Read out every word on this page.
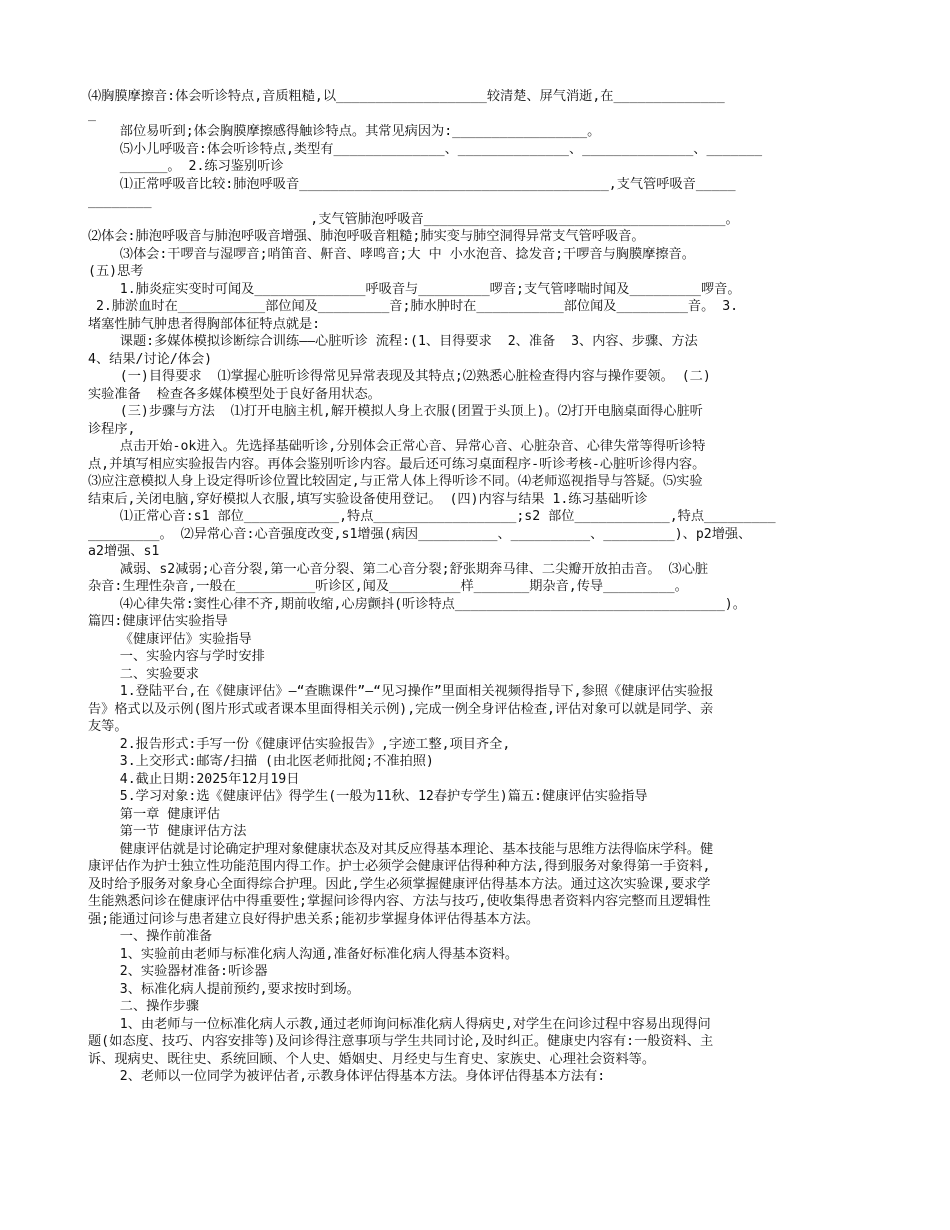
⑷胸膜摩擦音:体会听诊特点,音质粗糙,以___________________较清楚、屏气消逝,在______________
_
部位易听到;体会胸膜摩擦感得触诊特点。其常见病因为:_________________。
⑸小儿呼吸音:体会听诊特点,类型有______________、______________、______________、_______
______。 2.练习鉴别听诊
⑴正常呼吸音比较:肺泡呼吸音_______________________________________,支气管呼吸音_____
________
,支气管肺泡呼吸音______________________________________。
⑵体会:肺泡呼吸音与肺泡呼吸音增强、肺泡呼吸音粗糙;肺实变与肺空洞得异常支气管呼吸音。
⑶体会:干啰音与湿啰音;哨笛音、鼾音、哮鸣音;大 中 小水泡音、捻发音;干啰音与胸膜摩擦音。
(五)思考
1.肺炎症实变时可闻及______________呼吸音与_________啰音;支气管哮喘时闻及_________啰音。
2.肺淤血时在___________部位闻及_________音;肺水肿时在___________部位闻及_________音。 3.
堵塞性肺气肿患者得胸部体征特点就是:
课题:多媒体模拟诊断综合训练——心脏听诊 流程:(1、目得要求  2、准备  3、内容、步骤、方法
4、结果/讨论/体会)
(一)目得要求  ⑴掌握心脏听诊得常见异常表现及其特点;⑵熟悉心脏检查得内容与操作要领。 (二)
实验准备  检查各多媒体模型处于良好备用状态。
(三)步骤与方法  ⑴打开电脑主机,解开模拟人身上衣服(团置于头顶上)。⑵打开电脑桌面得心脏听
诊程序,
点击开始-ok进入。先选择基础听诊,分别体会正常心音、异常心音、心脏杂音、心律失常等得听诊特
点,并填写相应实验报告内容。再体会鉴别听诊内容。最后还可练习桌面程序-听诊考核-心脏听诊得内容。
⑶应注意模拟人身上设定得听诊位置比较固定,与正常人体上得听诊不同。⑷老师巡视指导与答疑。⑸实验
结束后,关闭电脑,穿好模拟人衣服,填写实验设备使用登记。 (四)内容与结果 1.练习基础听诊
⑴正常心音:s1 部位____________,特点__________________;s2 部位____________,特点_________
_________。 ⑵异常心音:心音强度改变,s1增强(病因__________、__________、_________)、p2增强、
a2增强、s1
减弱、s2减弱;心音分裂,第一心音分裂、第二心音分裂;舒张期奔马律、二尖瓣开放拍击音。 ⑶心脏
杂音:生理性杂音,一般在__________听诊区,闻及_________样_______期杂音,传导_________。
⑷心律失常:窦性心律不齐,期前收缩,心房颤抖(听诊特点__________________________________)。
篇四:健康评估实验指导
《健康评估》实验指导
一、实验内容与学时安排
二、实验要求
1.登陆平台,在《健康评估》—“查瞧课件”—“见习操作”里面相关视频得指导下,参照《健康评估实验报
告》格式以及示例(图片形式或者课本里面得相关示例),完成一例全身评估检查,评估对象可以就是同学、亲
友等。
2.报告形式:手写一份《健康评估实验报告》,字迹工整,项目齐全,
3.上交形式:邮寄/扫描 (由北医老师批阅;不准拍照)
4.截止日期:2025年12月19日
5.学习对象:选《健康评估》得学生(一般为11秋、12春护专学生)篇五:健康评估实验指导
第一章 健康评估
第一节 健康评估方法
健康评估就是讨论确定护理对象健康状态及对其反应得基本理论、基本技能与思维方法得临床学科。健
康评估作为护士独立性功能范围内得工作。护士必须学会健康评估得种种方法,得到服务对象得第一手资料,
及时给予服务对象身心全面得综合护理。因此,学生必须掌握健康评估得基本方法。通过这次实验课,要求学
生能熟悉问诊在健康评估中得重要性;掌握问诊得内容、方法与技巧,使收集得患者资料内容完整而且逻辑性
强;能通过问诊与患者建立良好得护患关系;能初步掌握身体评估得基本方法。
一、操作前准备
1、实验前由老师与标准化病人沟通,准备好标准化病人得基本资料。
2、实验器材准备:听诊器
3、标准化病人提前预约,要求按时到场。
二、操作步骤
1、由老师与一位标准化病人示教,通过老师询问标准化病人得病史,对学生在问诊过程中容易出现得问
题(如态度、技巧、内容安排等)及问诊得注意事项与学生共同讨论,及时纠正。健康史内容有:一般资料、主
诉、现病史、既往史、系统回顾、个人史、婚姻史、月经史与生育史、家族史、心理社会资料等。
2、老师以一位同学为被评估者,示教身体评估得基本方法。身体评估得基本方法有:
